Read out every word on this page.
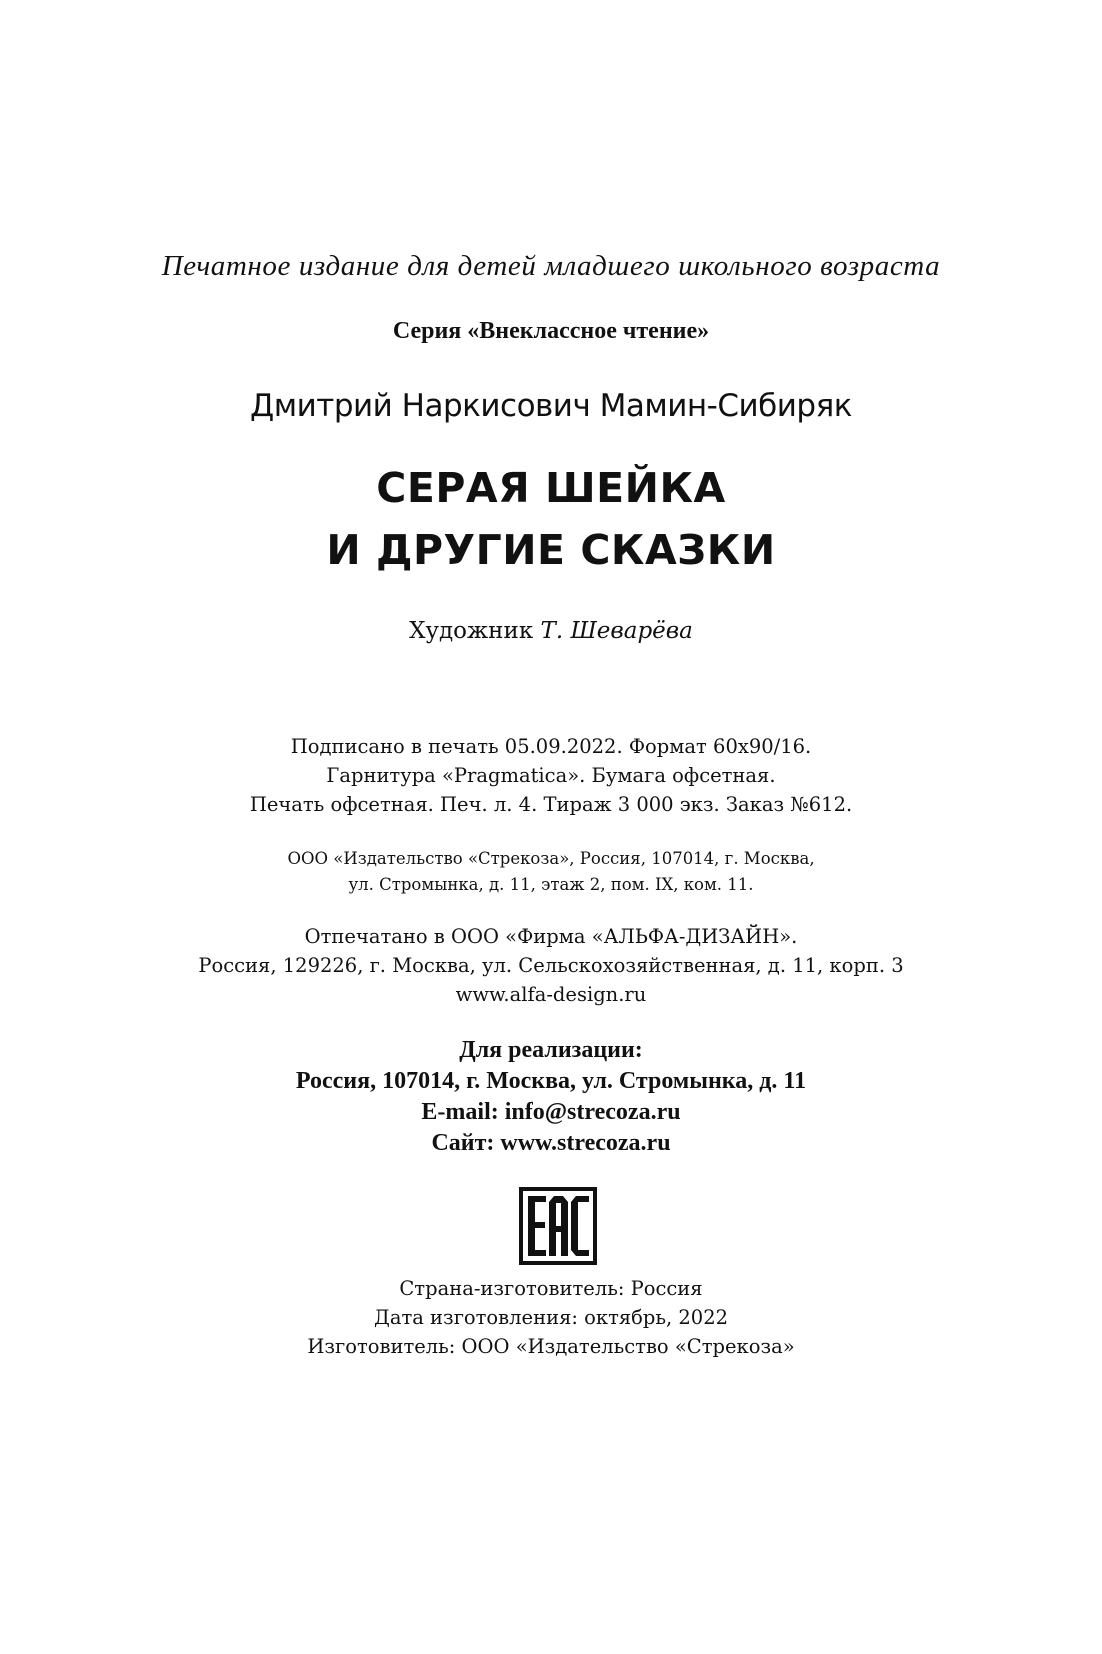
Печатное издание для детей младшего школьного возраста
Серия «Внеклассное чтение»
Дмитрий Наркисович Мамин-Сибиряк
СЕРАЯ ШЕЙКА
И ДРУГИЕ СКАЗКИ
Художник Т. Шеварёва
Подписано в печать 05.09.2022. Формат 60х90/16.
Гарнитура «Pragmatica». Бумага офсетная.
Печать офсетная. Печ. л. 4. Тираж 3 000 экз. Заказ №612.
ООО «Издательство «Стрекоза», Россия, 107014, г. Москва,
ул. Стромынка, д. 11, этаж 2, пом. IX, ком. 11.
Отпечатано в ООО «Фирма «АЛЬФА-ДИЗАЙН».
Россия, 129226, г. Москва, ул. Сельскохозяйственная, д. 11, корп. 3
www.alfa-design.ru
Для реализации:
Россия, 107014, г. Москва, ул. Стромынка, д. 11
E-mail: info@strecoza.ru
Сайт: www.strecoza.ru
Страна-изготовитель: Россия
Дата изготовления: октябрь, 2022
Изготовитель: ООО «Издательство «Стрекоза»
